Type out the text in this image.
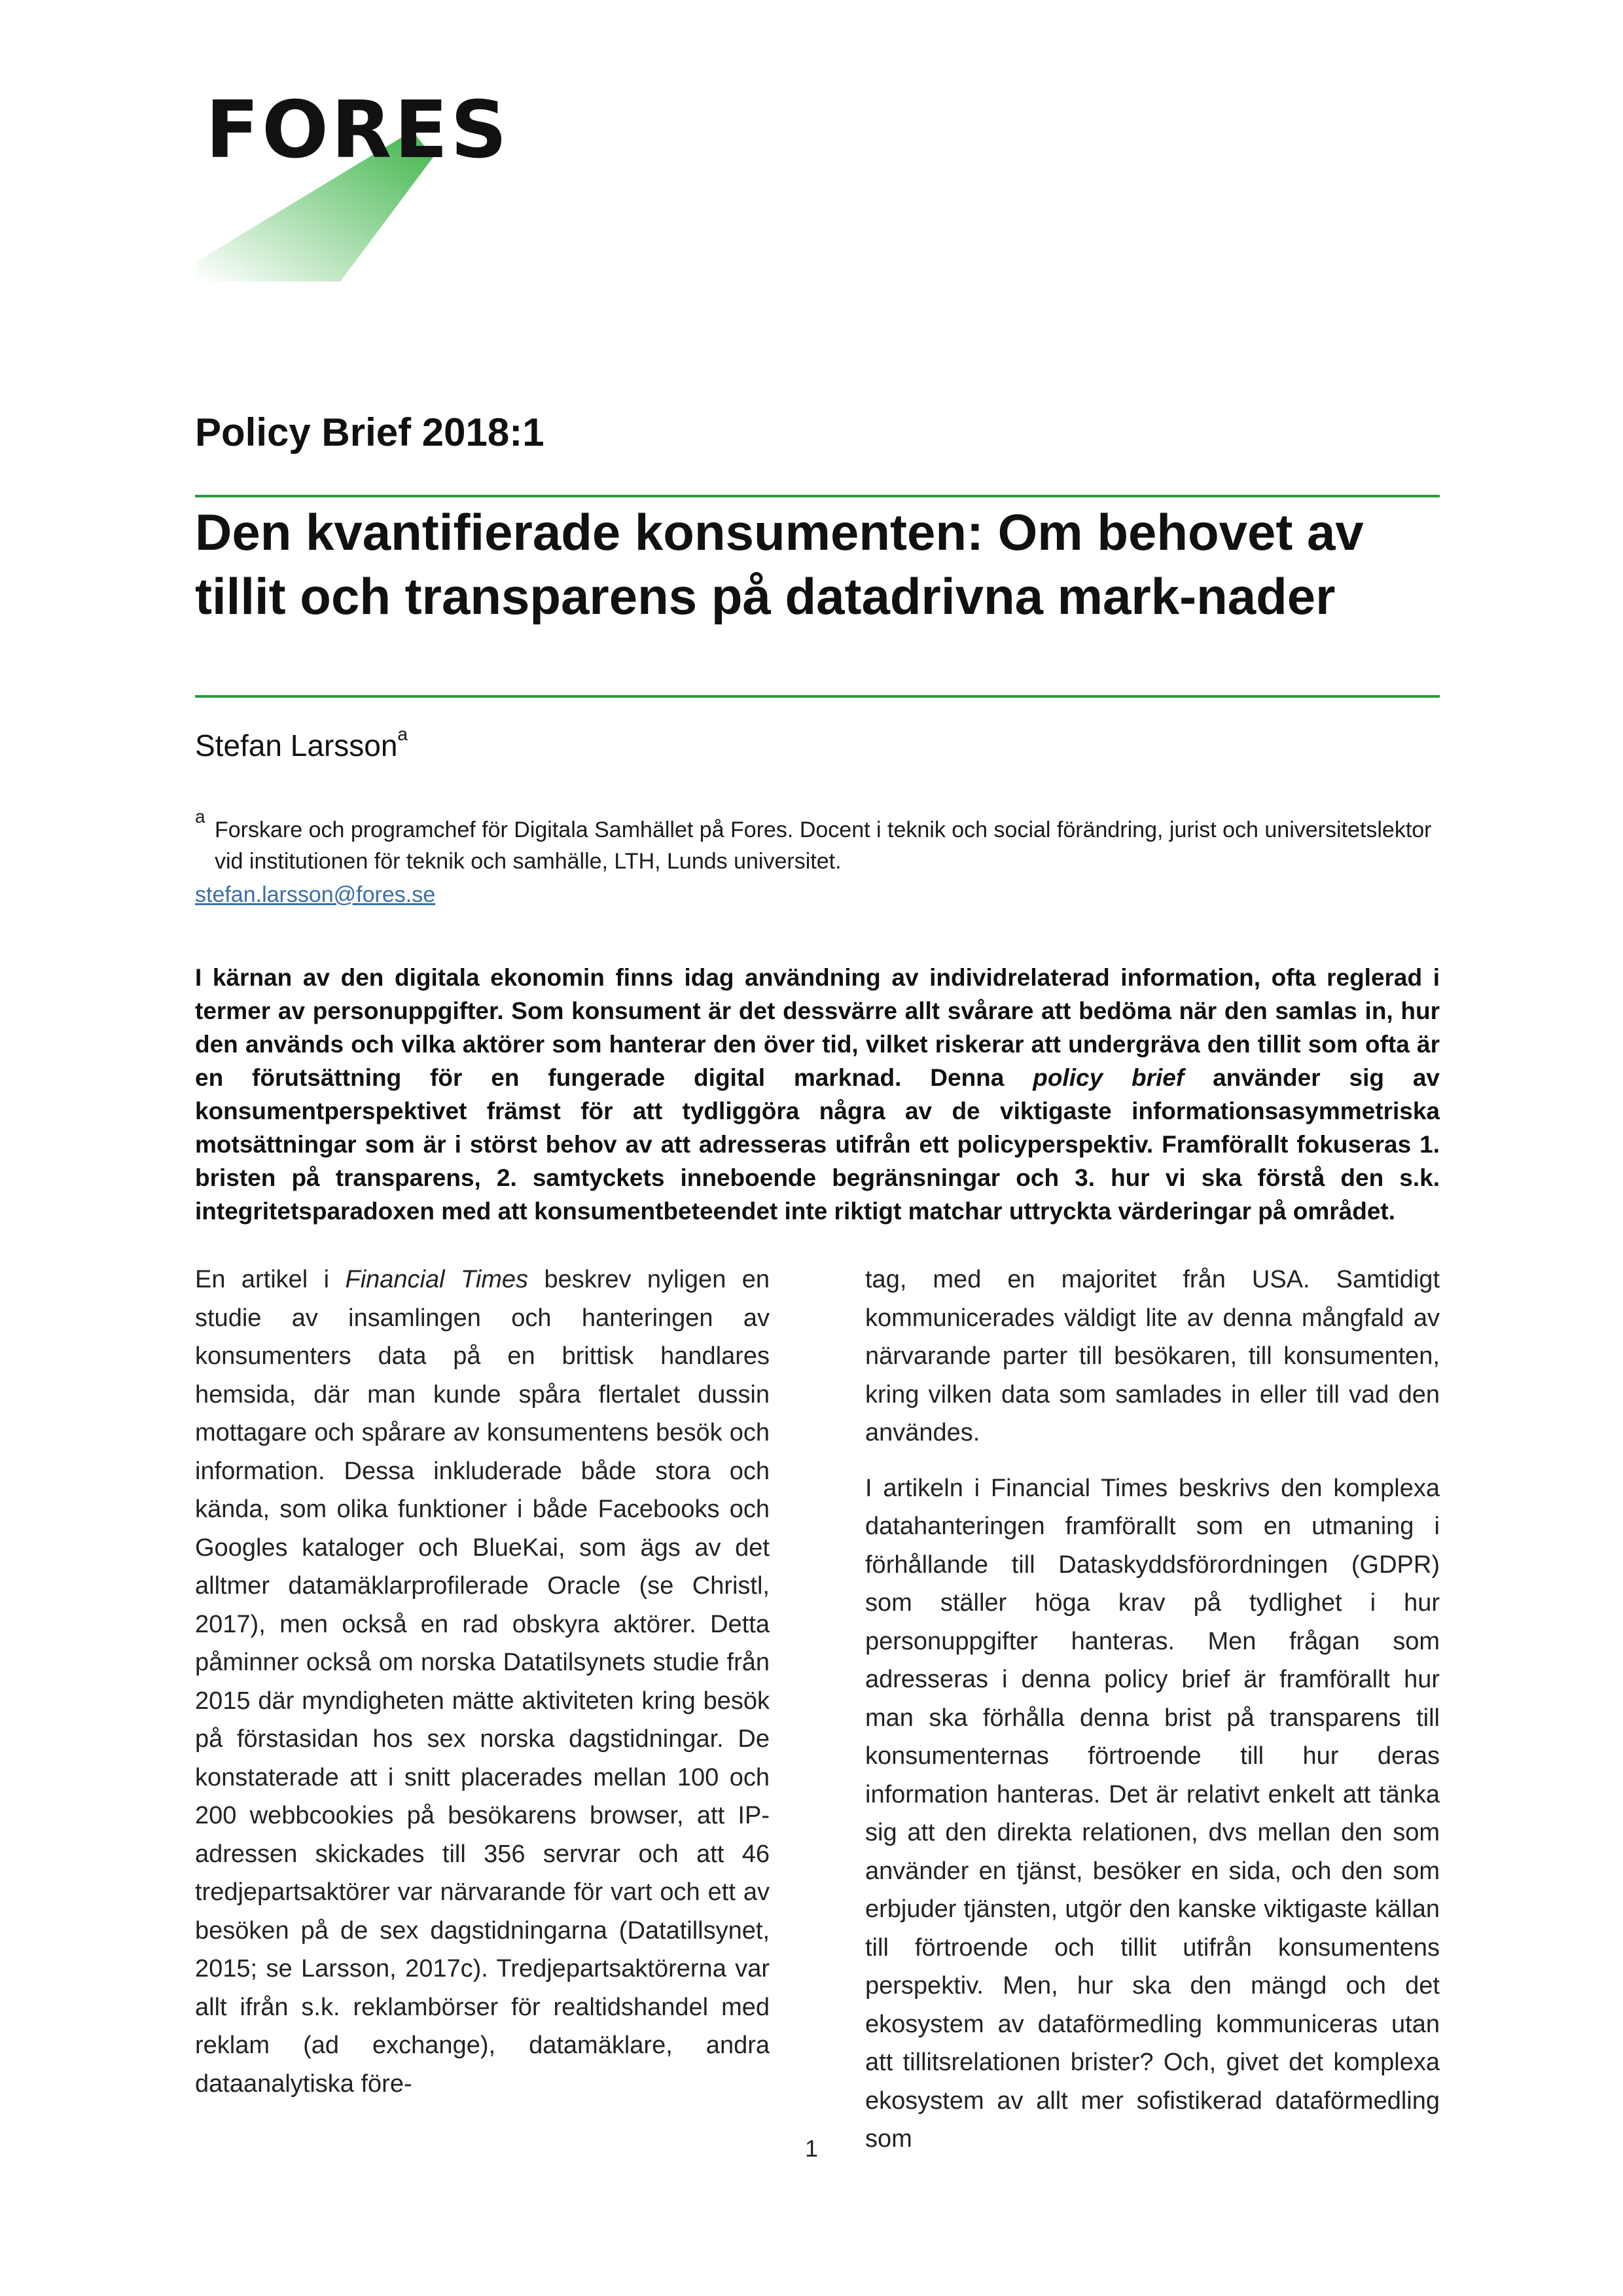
FORES
Policy Brief 2018:1
Den kvantifierade konsumenten: Om behovet av tillit och transparens på datadrivna mark-nader
Stefan Larsson$^a$
a
Forskare och programchef för Digitala Samhället på Fores. Docent i teknik och social förändring, jurist och universitetslektor vid institutionen för teknik och samhälle, LTH, Lunds universitet.
stefan.larsson@fores.se
I kärnan av den digitala ekonomin finns idag användning av individrelaterad information, ofta reglerad i termer av personuppgifter. Som konsument är det dessvärre allt svårare att bedöma när den samlas in, hur den används och vilka aktörer som hanterar den över tid, vilket riskerar att undergräva den tillit som ofta är en förutsättning för en fungerade digital marknad. Denna policy brief använder sig av konsumentperspektivet främst för att tydliggöra några av de viktigaste informationsasymmetriska motsättningar som är i störst behov av att adresseras utifrån ett policyperspektiv. Framförallt fokuseras 1. bristen på transparens, 2. samtyckets inneboende begränsningar och 3. hur vi ska förstå den s.k. integritetsparadoxen med att konsumentbeteendet inte riktigt matchar uttryckta värderingar på området.

En artikel i Financial Times beskrev nyligen en studie av insamlingen och hanteringen av konsumenters data på en brittisk handlares hemsida, där man kunde spåra flertalet dussin mottagare och spårare av konsumentens besök och information. Dessa inkluderade både stora och kända, som olika funktioner i både Facebooks och Googles kataloger och BlueKai, som ägs av det alltmer datamäklarprofilerade Oracle (se Christl, 2017), men också en rad obskyra aktörer. Detta påminner också om norska Datatilsynets studie från 2015 där myndigheten mätte aktiviteten kring besök på förstasidan hos sex norska dagstidningar. De konstaterade att i snitt placerades mellan 100 och 200 webbcookies på besökarens browser, att IP-adressen skickades till 356 servrar och att 46 tredjepartsaktörer var närvarande för vart och ett av besöken på de sex dagstidningarna (Datatillsynet, 2015; se Larsson, 2017c). Tredjepartsaktörerna var allt ifrån s.k. reklambörser för realtidshandel med reklam (ad exchange), datamäklare, andra dataanalytiska före-

tag, med en majoritet från USA. Samtidigt kommunicerades väldigt lite av denna mångfald av närvarande parter till besökaren, till konsumenten, kring vilken data som samlades in eller till vad den användes.

I artikeln i Financial Times beskrivs den komplexa datahanteringen framförallt som en utmaning i förhållande till Dataskyddsförordningen (GDPR) som ställer höga krav på tydlighet i hur personuppgifter hanteras. Men frågan som adresseras i denna policy brief är framförallt hur man ska förhålla denna brist på transparens till konsumenternas förtroende till hur deras information hanteras. Det är relativt enkelt att tänka sig att den direkta relationen, dvs mellan den som använder en tjänst, besöker en sida, och den som erbjuder tjänsten, utgör den kanske viktigaste källan till förtroende och tillit utifrån konsumentens perspektiv. Men, hur ska den mängd och det ekosystem av dataförmedling kommuniceras utan att tillitsrelationen brister? Och, givet det komplexa ekosystem av allt mer sofistikerad dataförmedling som

1
